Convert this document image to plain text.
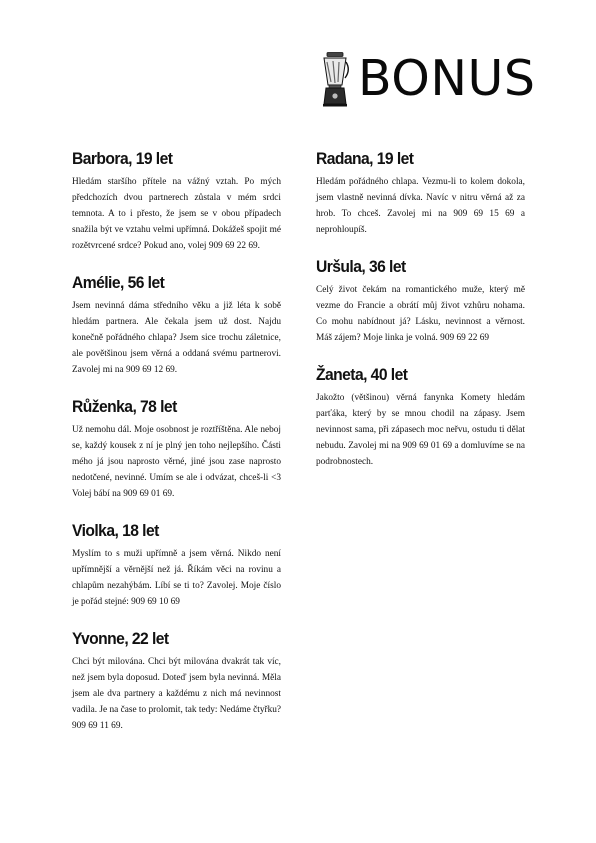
BONUS
Barbora, 19 let

Hledám staršího přítele na vážný vztah. Po mých předchozích dvou partnerech zůstala v mém srdci temnota. A to i přesto, že jsem se v obou případech snažila být ve vztahu velmi upřímná. Dokážeš spojit mé rozětvrcené srdce? Pokud ano, volej 909 69 22 69.

Amélie, 56 let

Jsem nevinná dáma středního věku a již léta k sobě hledám partnera. Ale čekala jsem už dost. Najdu konečně pořádného chlapa? Jsem sice trochu záletnice, ale povětšinou jsem věrná a oddaná svému partnerovi. Zavolej mi na 909 69 12 69.

Růženka, 78 let

Už nemohu dál. Moje osobnost je roztříštěna. Ale neboj se, každý kousek z ní je plný jen toho nejlepšího. Části mého já jsou naprosto věrné, jiné jsou zase naprosto nedotčené, nevinné. Umím se ale i odvázat, chceš-li <3 Volej bábí na 909 69 01 69.

Violka, 18 let

Myslím to s muži upřímně a jsem věrná. Nikdo není upřímnější a věrnější než já. Říkám věci na rovinu a chlapům nezahýbám. Líbí se ti to? Zavolej. Moje číslo je pořád stejné: 909 69 10 69

Yvonne, 22 let

Chci být milována. Chci být milována dvakrát tak víc, než jsem byla doposud. Doteď jsem byla nevinná. Měla jsem ale dva partnery a každému z nich má nevinnost vadila. Je na čase to prolomit, tak tedy: Nedáme čtyřku? 909 69 11 69.

Radana, 19 let

Hledám pořádného chlapa. Vezmu-li to kolem dokola, jsem vlastně nevinná dívka. Navíc v nitru věrná až za hrob. To chceš. Zavolej mi na 909 69 15 69 a neprohloupíš.

Uršula, 36 let

Celý život čekám na romantického muže, který mě vezme do Francie a obrátí můj život vzhůru nohama. Co mohu nabídnout já? Lásku, nevinnost a věrnost. Máš zájem? Moje linka je volná. 909 69 22 69

Žaneta, 40 let

Jakožto (většinou) věrná fanynka Komety hledám parťáka, který by se mnou chodil na zápasy. Jsem nevinnost sama, při zápasech moc neřvu, ostudu ti dělat nebudu. Zavolej mi na 909 69 01 69 a domluvíme se na podrobnostech.
